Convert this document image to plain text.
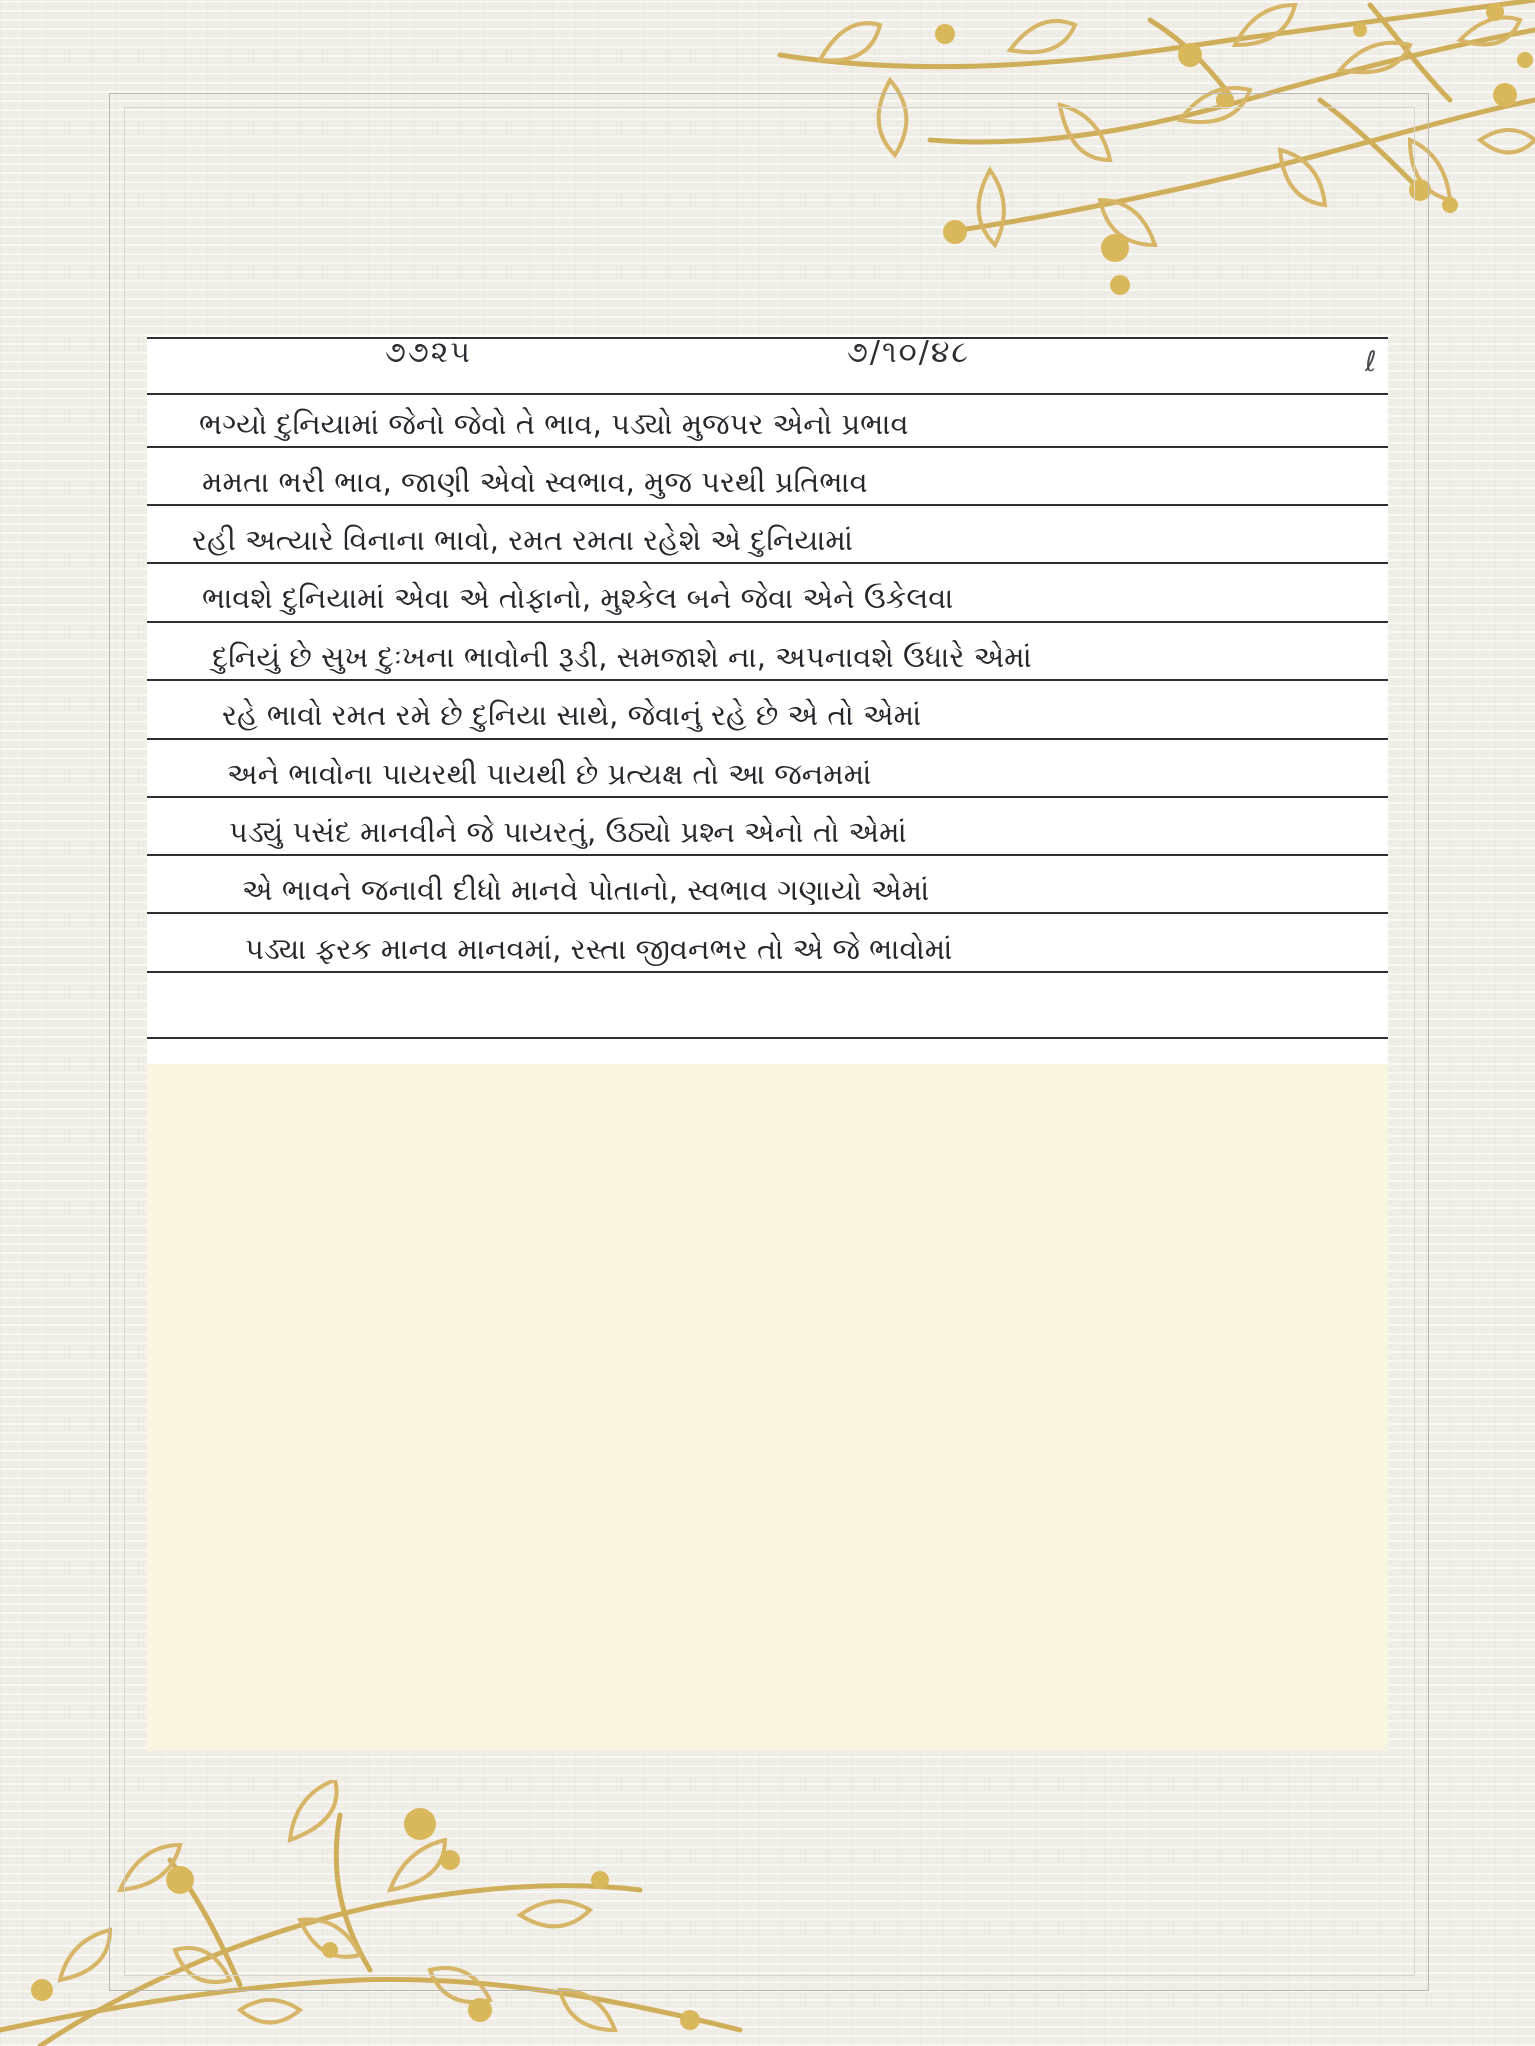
૭૭૨૫	૭/૧૦/૪૮	ℓ
ભગ્યો દુનિયામાં જેનો જેવો તે ભાવ, પડ્યો મુજપર એનો પ્રભાવ
મમતા ભરી ભાવ, જાણી એવો સ્વભાવ, મુજ પરથી પ્રતિભાવ
રહી અત્યારે વિનાના ભાવો, રમત રમતા રહેશે એ દુનિયામાં
ભાવશે દુનિયામાં એવા એ તોફાનો, મુશ્કેલ બને જેવા એને ઉકેલવા
દુનિયું છે સુખ દુઃખના ભાવોની રૂડી, સમજાશે ના, અપનાવશે ઉધારે એમાં
રહે ભાવો રમત રમે છે દુનિયા સાથે, જેવાનું રહે છે એ તો એમાં
અને ભાવોના પાયરથી પાયથી છે પ્રત્યક્ષ તો આ જનમમાં
પડ્યું પસંદ માનવીને જે પાયરતું, ઉઠ્યો પ્રશ્ન એનો તો એમાં
એ ભાવને જનાવી દીધો માનવે પોતાનો, સ્વભાવ ગણાયો એમાં
પડ્યા ફરક માનવ માનવમાં, રસ્તા જીવનભર તો એ જે ભાવોમાં
